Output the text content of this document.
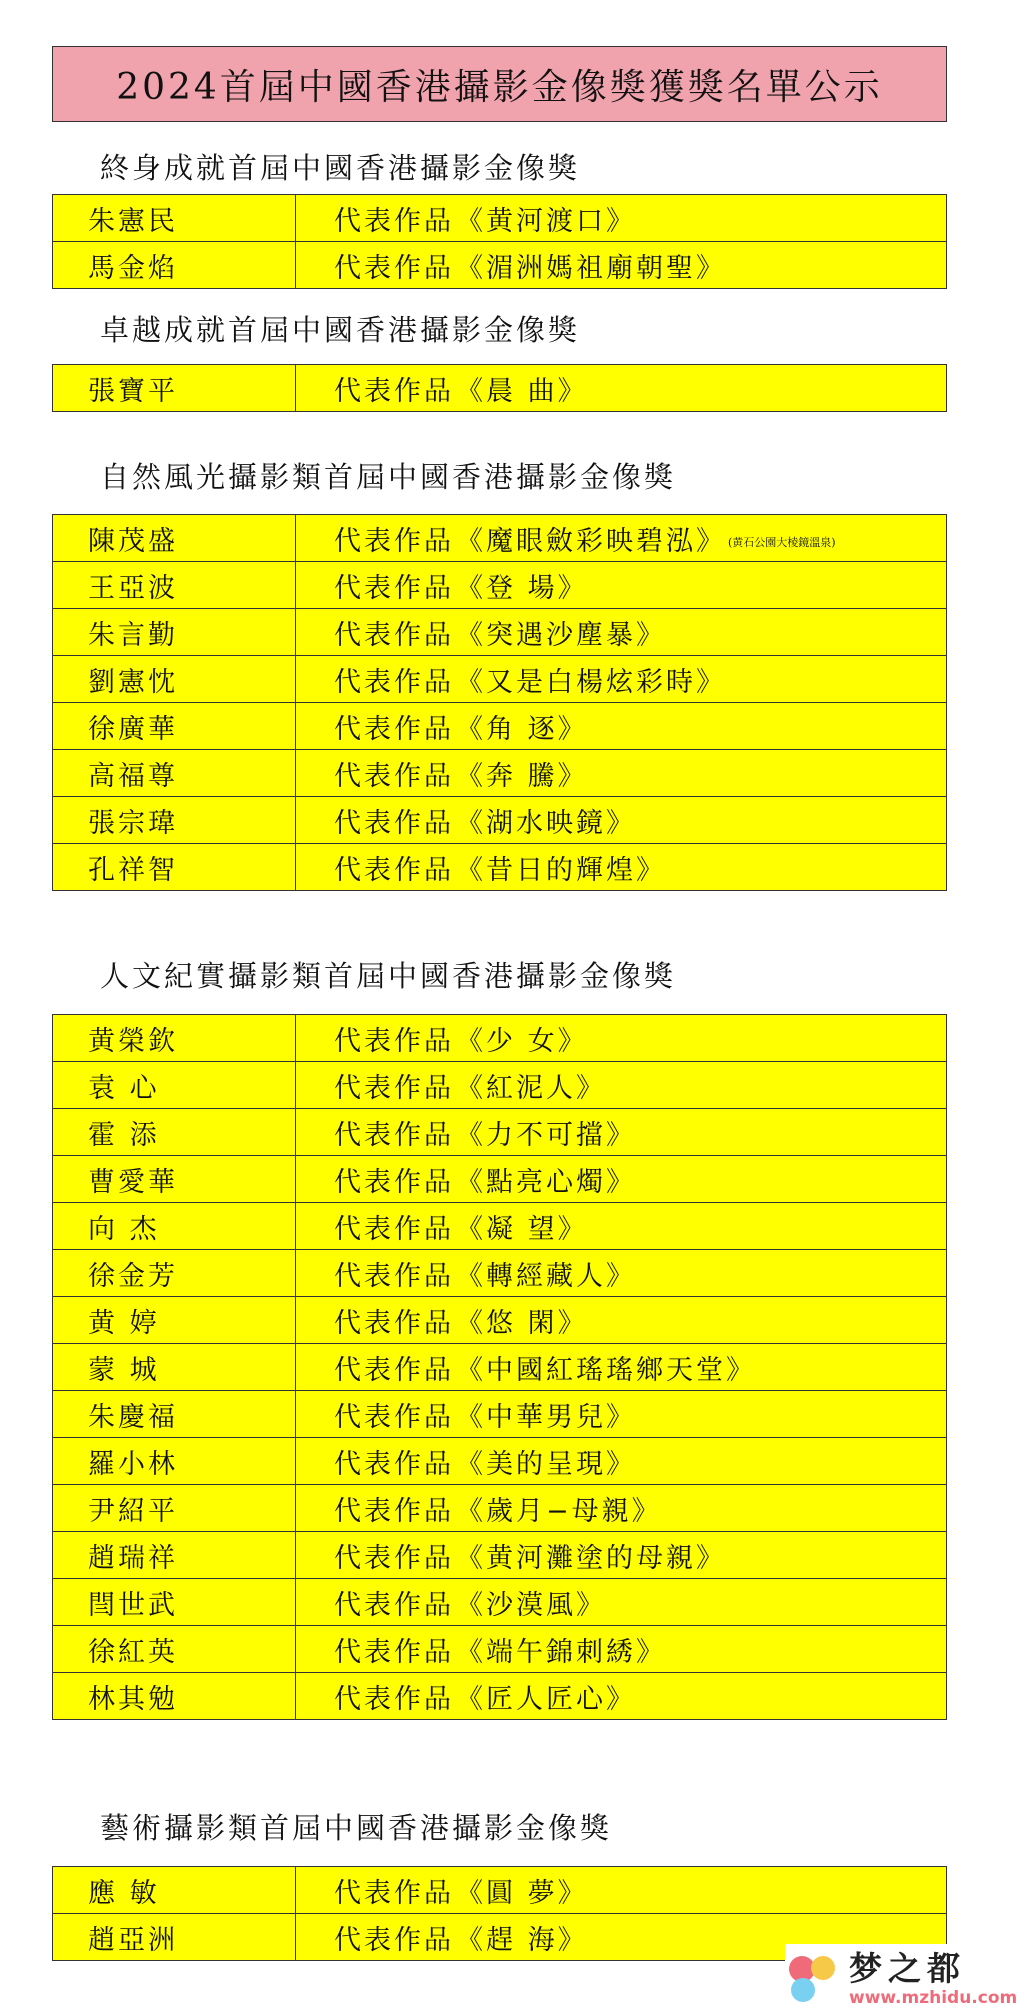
2024首屆中國香港攝影金像獎獲獎名單公示
終身成就首屆中國香港攝影金像獎
朱憲民	代表作品《黄河渡口》
馬金焰	代表作品《湄洲媽祖廟朝聖》
卓越成就首屆中國香港攝影金像獎
張寶平	代表作品《晨 曲》
自然風光攝影類首屆中國香港攝影金像獎
陳茂盛	代表作品《魔眼斂彩映碧泓》 (黄石公園大棱鏡溫泉)
王亞波	代表作品《登 場》
朱言勤	代表作品《突遇沙塵暴》
劉憲忱	代表作品《又是白楊炫彩時》
徐廣華	代表作品《角 逐》
高福尊	代表作品《奔 騰》
張宗瑋	代表作品《湖水映鏡》
孔祥智	代表作品《昔日的輝煌》
人文紀實攝影類首屆中國香港攝影金像獎
黄榮欽	代表作品《少 女》
袁 心	代表作品《紅泥人》
霍 添	代表作品《力不可擋》
曹愛華	代表作品《點亮心燭》
向 杰	代表作品《凝 望》
徐金芳	代表作品《轉經藏人》
黄 婷	代表作品《悠 閑》
蒙 城	代表作品《中國紅瑤瑤鄉天堂》
朱慶福	代表作品《中華男兒》
羅小林	代表作品《美的呈現》
尹紹平	代表作品《歲月−母親》
趙瑞祥	代表作品《黄河灘塗的母親》
閆世武	代表作品《沙漠風》
徐紅英	代表作品《端午錦刺綉》
林其勉	代表作品《匠人匠心》
藝術攝影類首屆中國香港攝影金像獎
應 敏	代表作品《圓 夢》
趙亞洲	代表作品《趕 海》
梦之都
www.mzhidu.com
